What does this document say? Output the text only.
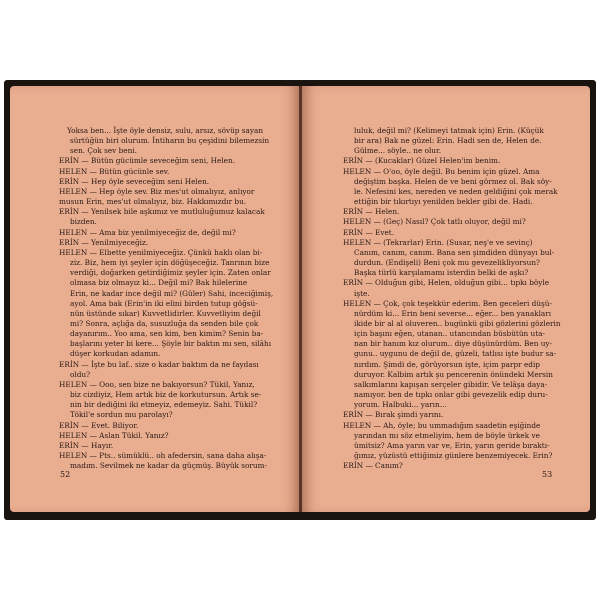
Yoksa ben... İşte öyle densiz, sulu, arsız, sövüp sayan
sürtüğün biri olurum. İntiharın bu çeşidini bilemezsin
sen. Çok sev beni.
ERİN — Bütün gücümle seveceğim seni, Helen.
HELEN — Bütün gücünle sev.
ERİN — Hep öyle seveceğim seni Helen.
HELEN — Hep öyle sev. Biz mes'ut olmalıyız, anlıyor
musun Erin, mes'ut olmalıyız, biz. Hakkımızdır bu.
ERİN — Yenilsek bile aşkımız ve mutluluğumuz kalacak
bizden.
HELEN — Ama biz yenilmiyeceğiz de, değil mi?
ERİN — Yenilmiyeceğiz.
HELEN — Elbette yenilmiyeceğiz. Çünkü haklı olan bi-
ziz. Biz, hem iyi şeyler için döğüşeceğiz. Tanrının bize
verdiği, doğarken getirdiğimiz şeyler için. Zaten onlar
olmasa biz olmayız ki... Değil mi? Bak hilelerine
Erin, ne kadar ince değil mi? (Güler) Sahi, inceciğimiş,
ayol. Ama bak (Erin'in iki elini birden tutup göğsü-
nün üstünde sıkar) Kuvvetlidirler. Kuvvetliyim değil
mi? Sonra, açlığa da, susuzluğa da senden bile çok
dayanırım.. Yoo ama, sen kim, ben kimim? Senin ba-
başlarını yeter bi kere... Şöyle bir baktın mı sen, silâhı
düşer korkudan adamın.
ERİN — İşte bu laf.. size o kadar baktım da ne faydası
oldu?
HELEN — Ooo, sen bize ne bakıyorsun? Tükil, Yanız,
biz cizdiyiz, Hem artık biz de korkutursun. Artık se-
nin bir dediğini iki etmeyiz, edemeyiz. Sahi. Tükil?
Tökil'e sordun mu parolayı?
ERİN — Evet. Biliyor.
HELEN — Aslan Tükil. Yanız?
ERİN — Hayır.
HELEN — Pts.. sümüklü.. oh afedersin, sana daha alışa-
madım. Sevilmek ne kadar da güçmüş. Büyük sorum-
52
luluk, değil mi? (Kelimeyi tatmak için) Erin. (Küçük
bir ara) Bak ne güzel: Erin. Hadi sen de, Helen de.
Gülme... söyle.. ne olur.
ERİN — (Kucaklar) Güzel Helen'im benim.
HELEN — O'oo, öyle değil. Bu benim için güzel. Ama
değiştim başka. Helen de ve beni görmez ol. Bak söy-
le. Nefesini kes, nereden ve neden geldiğini çok merak
ettiğin bir tıkırtıyı yenilden bekler gibi de. Hadi.
ERİN — Helen.
HELEN — (Geç) Nasıl? Çok tatlı oluyor, değil mi?
ERİN — Evet.
HELEN — (Tekrarlar) Erin. (Susar, neş'e ve sevinç)
Canım, canım, canım. Bana sen şimdiden dünyayı bul-
durdun. (Endişeli) Beni çok mu gevezelikliyorsun?
Başka türlü karşılamamı isterdin belki de aşkı?
ERİN — Olduğun gibi, Helen, olduğun gibi... tıpkı böyle
işte.
HELEN — Çok, çok teşekkür ederim. Ben geceleri düşü-
nürdüm ki... Erin beni severse... eğer... ben yanakları
ikide bir al al oluveren.. bugünkü gibi gözlerini gözlerin
için başını eğen, utanan.. utancından büsbütün uta-
nan bir hanım kız olurum.. diye düşünürdüm. Ben uy-
gunu.. uygunu de değil de, güzeli, tatlısı işte budur sa-
nırdım. Şimdi de, görüyorsun işte, içim parpr edip
duruyor. Kalbim artık şu pencerenin önündeki Mersin
salkımlarını kapışan serçeler gibidir. Ve telâşa daya-
namıyor. ben de tıpkı onlar gibi gevezelik edip duru-
yorum. Halbuki... yarın...
ERİN — Bırak şimdi yarını.
HELEN — Ah, öyle; bu ummadığım saadetin eşiğinde
yarından mı söz etmeliyim, hem de böyle ürkek ve
ümitsiz? Ama yarın var ve, Erin, yarın geride bıraktı-
ğımız, yüzüstü ettiğimiz günlere benzemiyecek. Erin?
ERİN — Canım?
53
